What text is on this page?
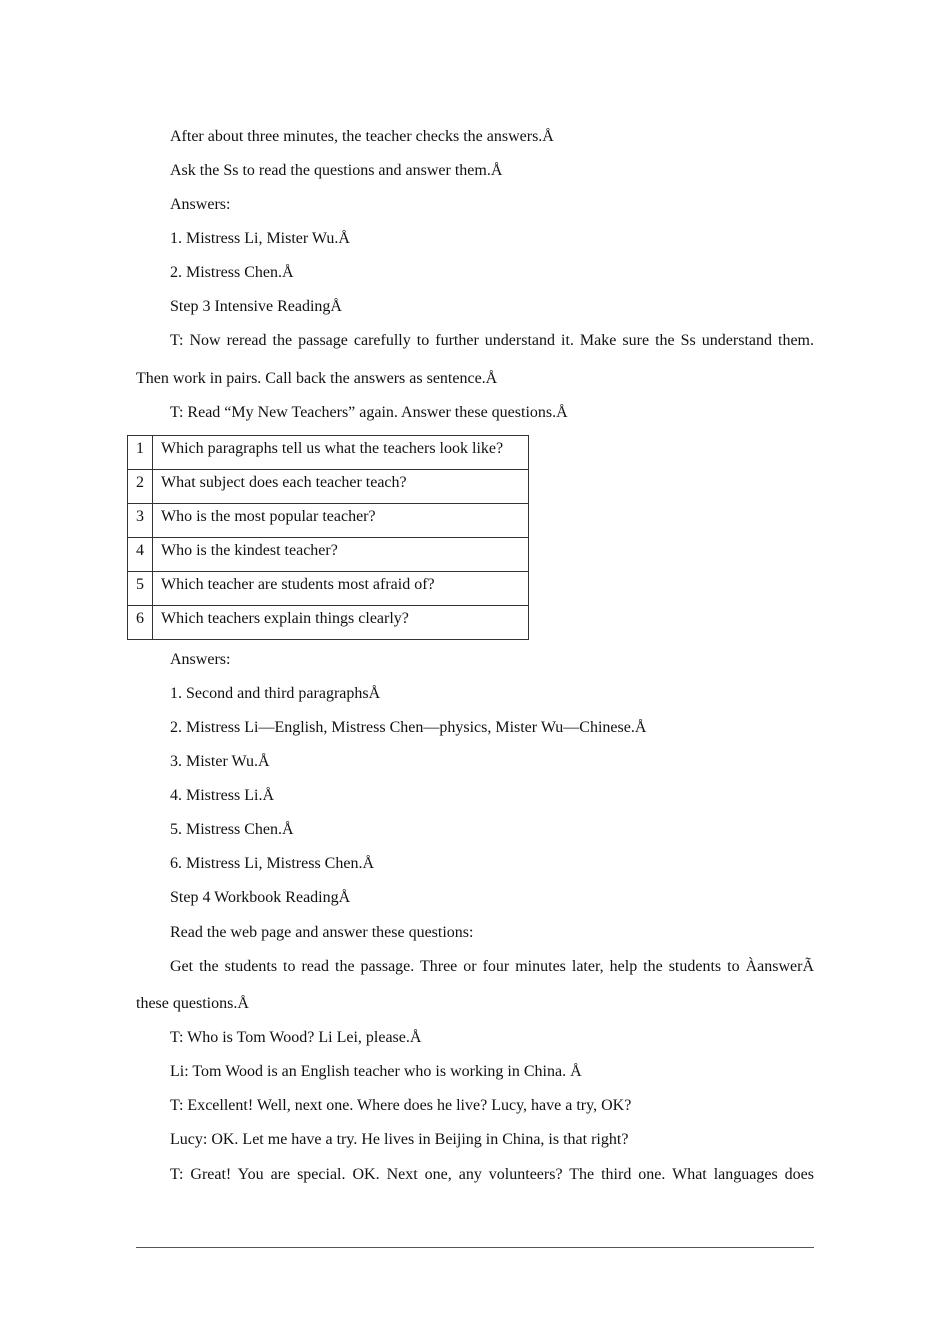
After about three minutes, the teacher checks the answers.Å
Ask the Ss to read the questions and answer them.Å
Answers:
1. Mistress Li, Mister Wu.Å
2. Mistress Chen.Å
Step 3 Intensive ReadingÅ
T: Now reread the passage carefully to further understand it. Make sure the Ss understand them.
Then work in pairs. Call back the answers as sentence.Å
T: Read “My New Teachers” again. Answer these questions.Å
1	Which paragraphs tell us what the teachers look like?
2	What subject does each teacher teach?
3	Who is the most popular teacher?
4	Who is the kindest teacher?
5	Which teacher are students most afraid of?
6	Which teachers explain things clearly?
Answers:
1. Second and third paragraphsÅ
2. Mistress Li—English, Mistress Chen—physics, Mister Wu—Chinese.Å
3. Mister Wu.Å
4. Mistress Li.Å
5. Mistress Chen.Å
6. Mistress Li, Mistress Chen.Å
Step 4 Workbook ReadingÅ
Read the web page and answer these questions:
Get the students to read the passage. Three or four minutes later, help the students to ÀanswerÃ
these questions.Å
T: Who is Tom Wood? Li Lei, please.Å
Li: Tom Wood is an English teacher who is working in China. Å
T: Excellent! Well, next one. Where does he live? Lucy, have a try, OK?
Lucy: OK. Let me have a try. He lives in Beijing in China, is that right?
T: Great! You are special. OK. Next one, any volunteers? The third one. What languages does
